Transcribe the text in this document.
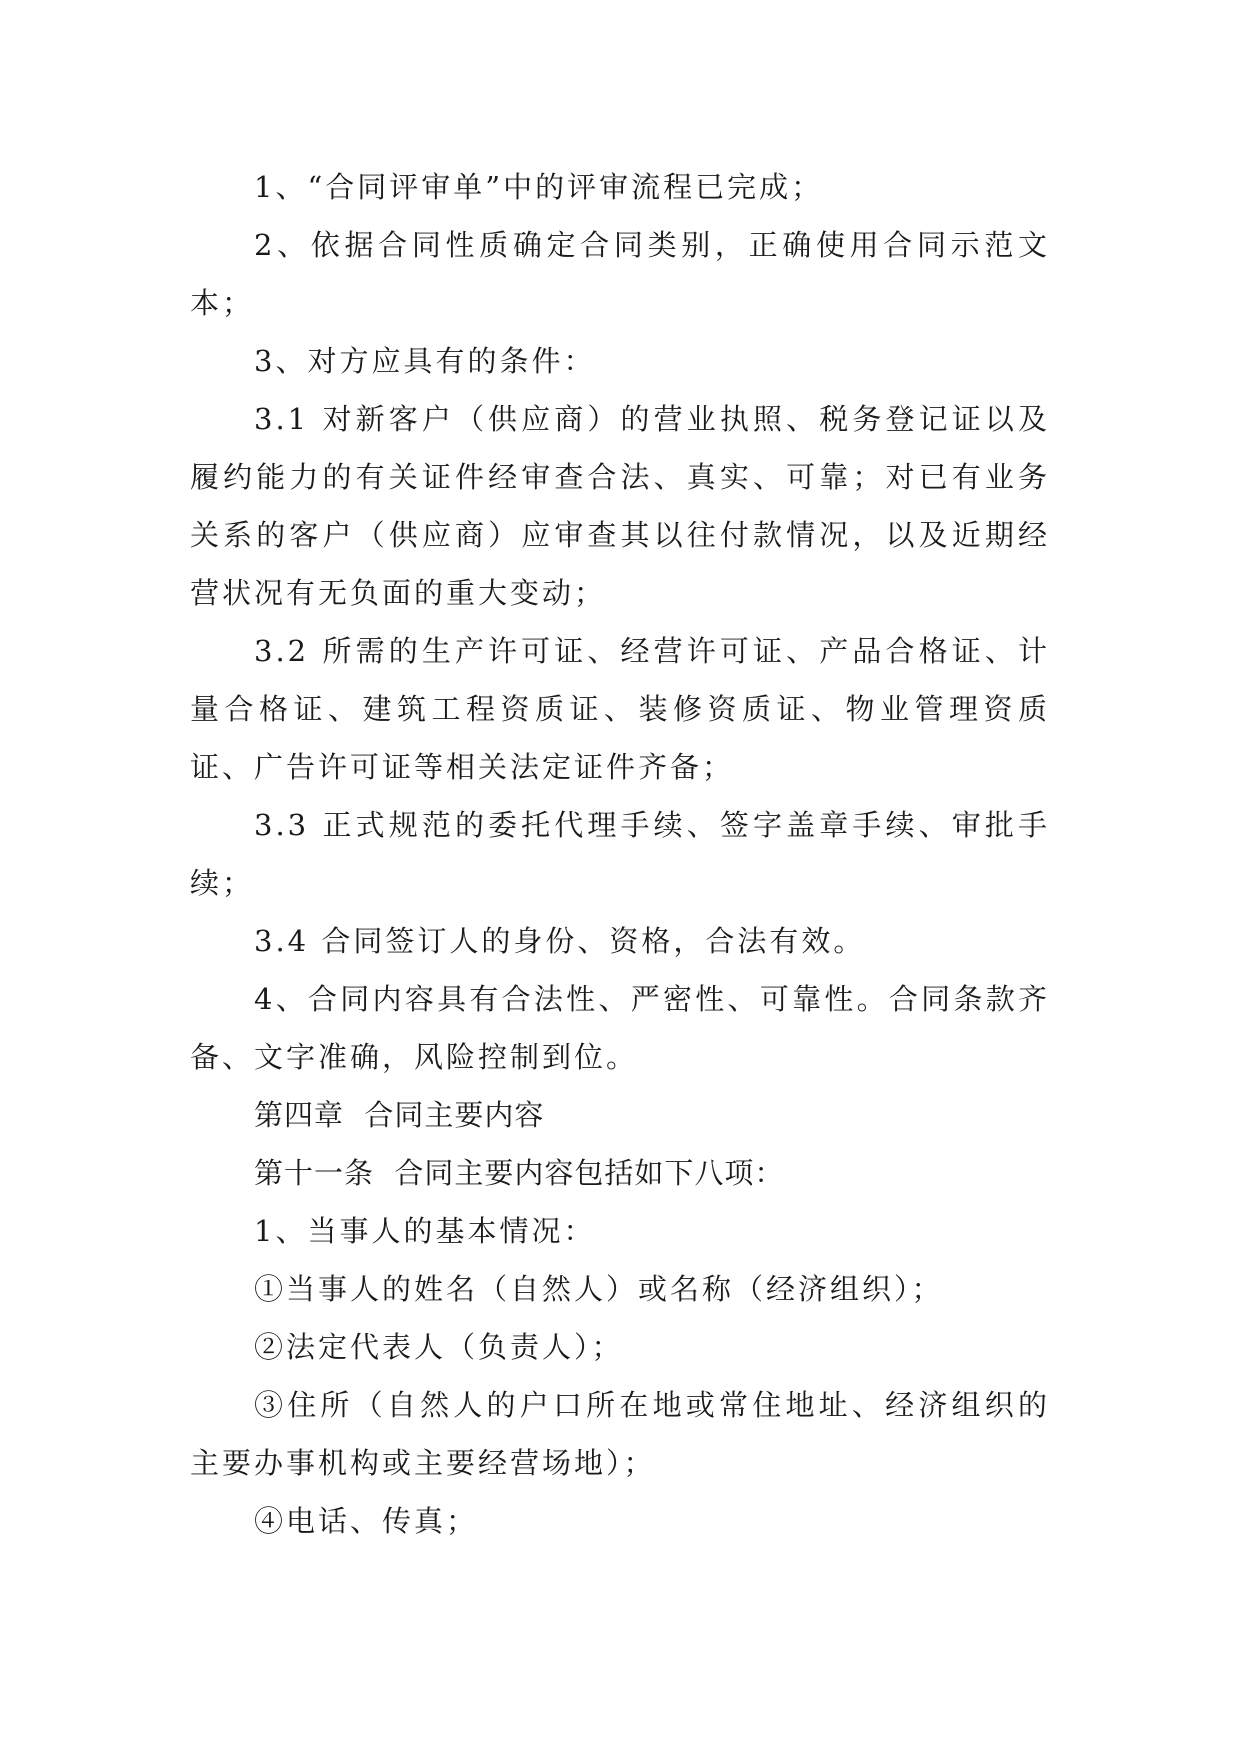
1、“合同评审单”中的评审流程已完成；

2、依据合同性质确定合同类别，正确使用合同示范文本；

3、对方应具有的条件：

3.1 对新客户（供应商）的营业执照、税务登记证以及履约能力的有关证件经审查合法、真实、可靠；对已有业务关系的客户（供应商）应审查其以往付款情况，以及近期经营状况有无负面的重大变动；

3.2 所需的生产许可证、经营许可证、产品合格证、计量合格证、建筑工程资质证、装修资质证、物业管理资质证、广告许可证等相关法定证件齐备；

3.3 正式规范的委托代理手续、签字盖章手续、审批手续；

3.4 合同签订人的身份、资格，合法有效。

4、合同内容具有合法性、严密性、可靠性。合同条款齐备、文字准确，风险控制到位。

第四章  合同主要内容

第十一条  合同主要内容包括如下八项：

1、当事人的基本情况：

①当事人的姓名（自然人）或名称（经济组织）；

②法定代表人（负责人）；

③住所（自然人的户口所在地或常住地址、经济组织的主要办事机构或主要经营场地）；

④电话、传真；
